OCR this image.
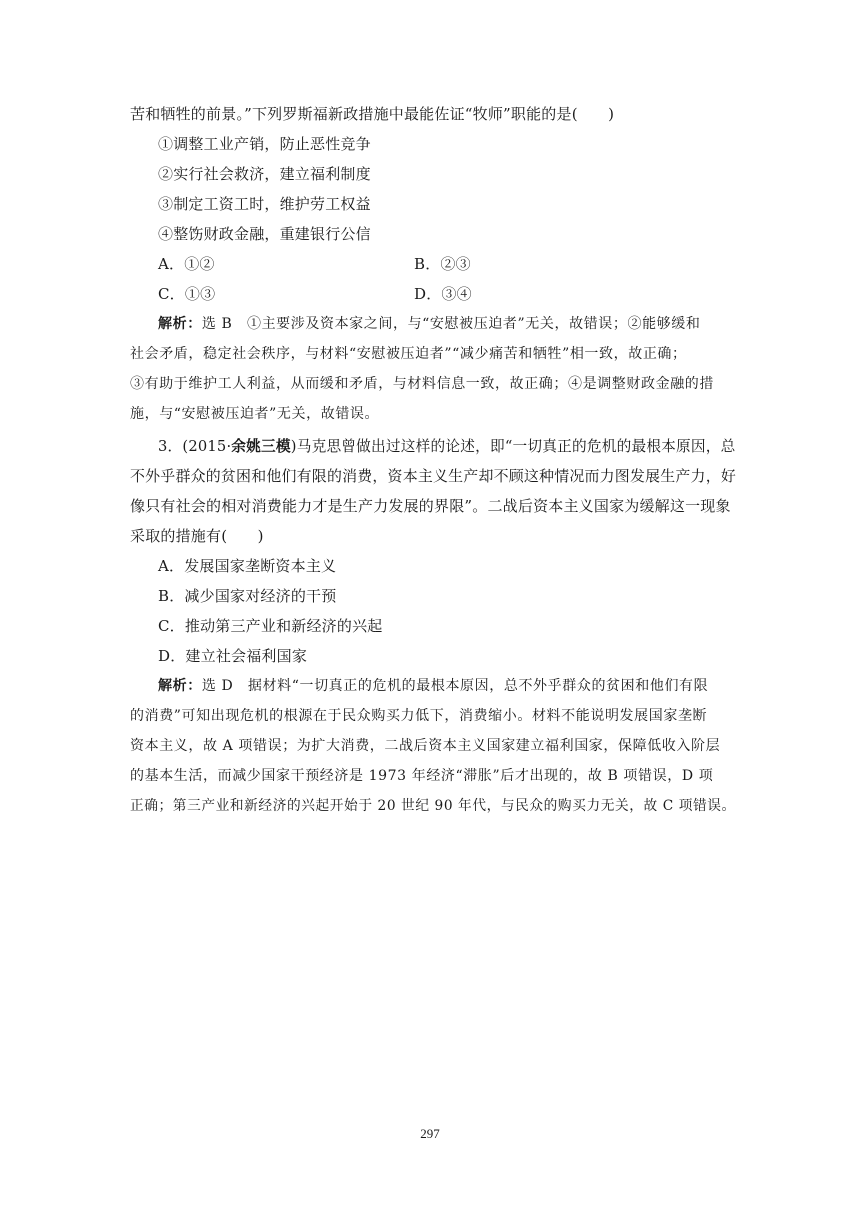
苦和牺牲的前景。”下列罗斯福新政措施中最能佐证“牧师”职能的是(　　)
①调整工业产销，防止恶性竞争
②实行社会救济，建立福利制度
③制定工资工时，维护劳工权益
④整饬财政金融，重建银行公信
A．①②	B．②③
C．①③	D．③④
解析：选 B　 ①主要涉及资本家之间，与“安慰被压迫者”无关，故错误；②能够缓和
社会矛盾，稳定社会秩序，与材料“安慰被压迫者”“减少痛苦和牺牲”相一致，故正确；
③有助于维护工人利益，从而缓和矛盾，与材料信息一致，故正确；④是调整财政金融的措
施，与“安慰被压迫者”无关，故错误。
3．(2015·余姚三模)马克思曾做出过这样的论述，即“一切真正的危机的最根本原因，总
不外乎群众的贫困和他们有限的消费，资本主义生产却不顾这种情况而力图发展生产力，好
像只有社会的相对消费能力才是生产力发展的界限”。二战后资本主义国家为缓解这一现象
采取的措施有(　　)
A．发展国家垄断资本主义
B．减少国家对经济的干预
C．推动第三产业和新经济的兴起
D．建立社会福利国家
解析：选 D　 据材料“一切真正的危机的最根本原因，总不外乎群众的贫困和他们有限
的消费”可知出现危机的根源在于民众购买力低下，消费缩小。材料不能说明发展国家垄断
资本主义，故 A 项错误；为扩大消费，二战后资本主义国家建立福利国家，保障低收入阶层
的基本生活，而减少国家干预经济是 1973 年经济“滞胀”后才出现的，故 B 项错误，D 项
正确；第三产业和新经济的兴起开始于 20 世纪 90 年代，与民众的购买力无关，故 C 项错误。
297
